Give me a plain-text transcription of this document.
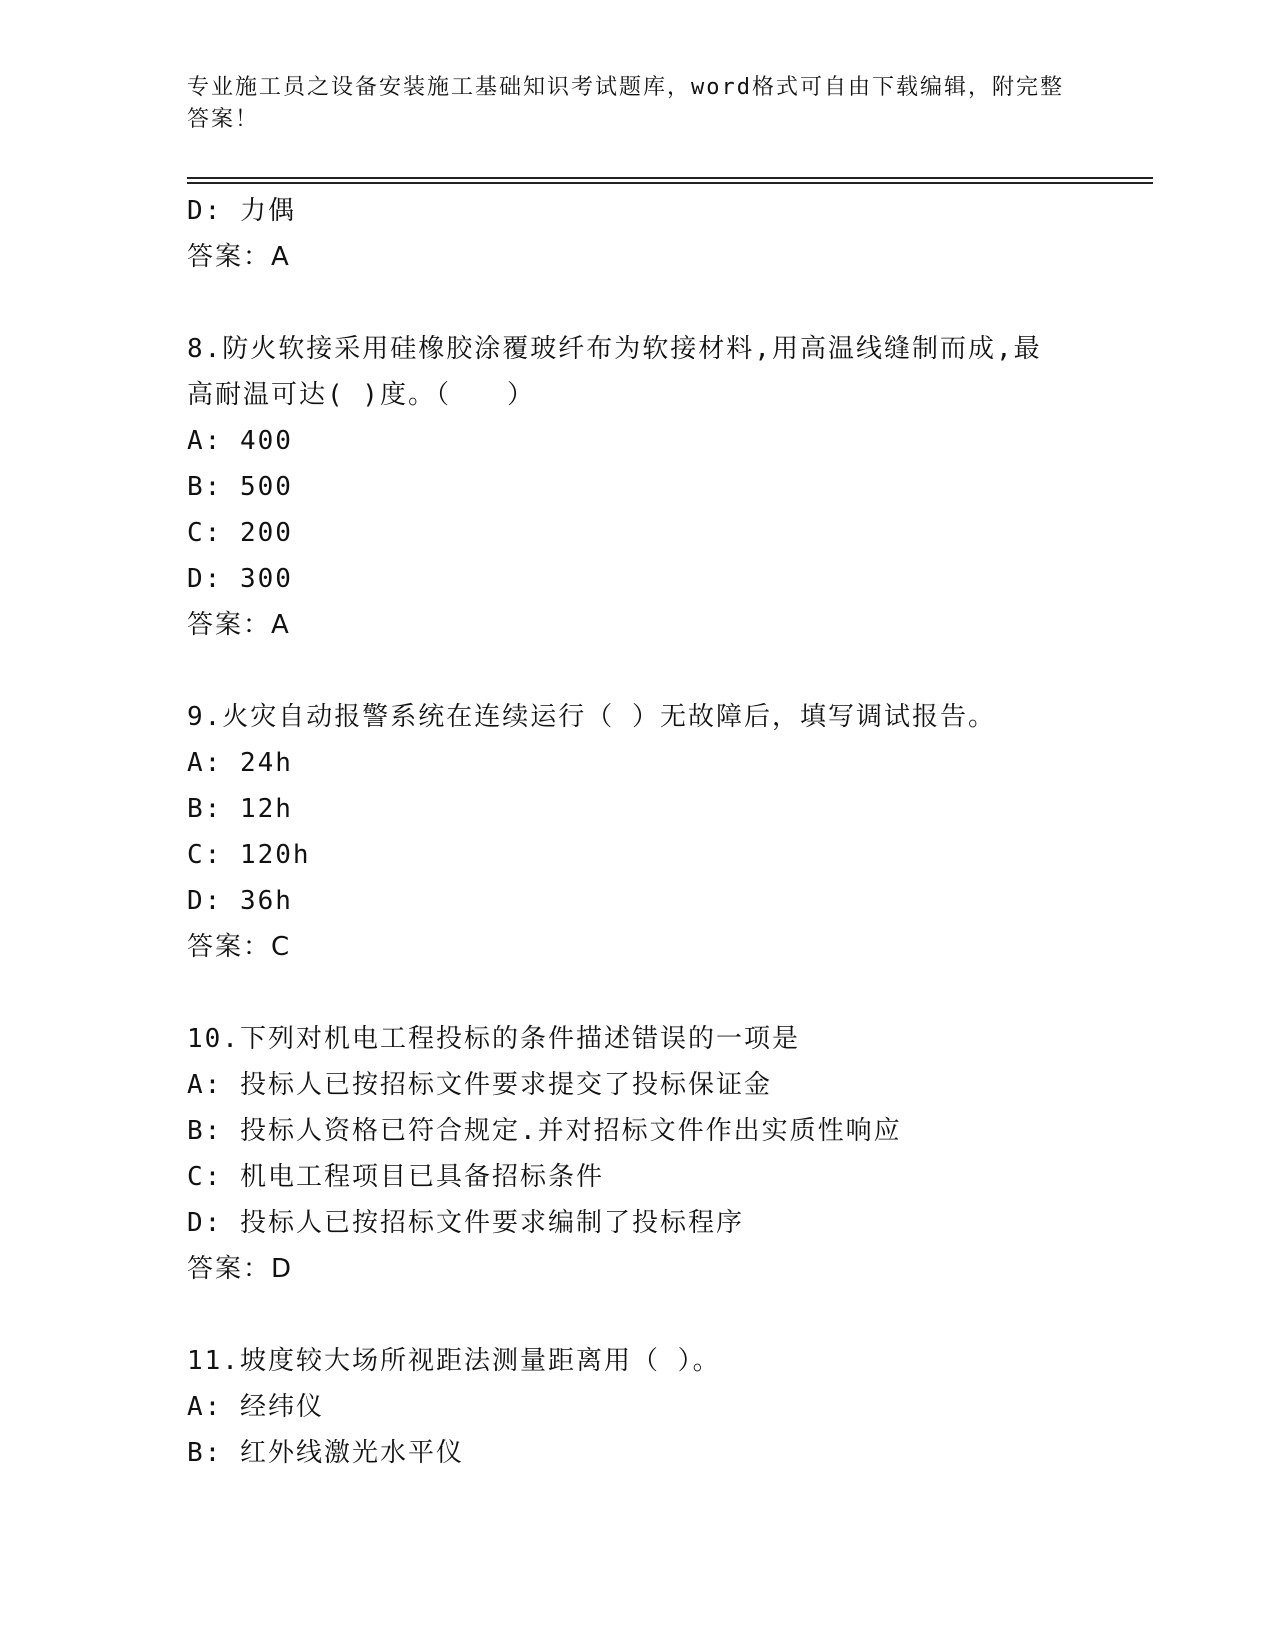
专业施工员之设备安装施工基础知识考试题库，word格式可自由下载编辑，附完整答案！
D: 力偶
答案：A
8.防火软接采用硅橡胶涂覆玻纤布为软接材料,用高温线缝制而成,最高耐温可达( )度。（　　）
A: 400
B: 500
C: 200
D: 300
答案：A
9.火灾自动报警系统在连续运行（ ）无故障后，填写调试报告。
A: 24h
B: 12h
C: 120h
D: 36h
答案：C
10.下列对机电工程投标的条件描述错误的一项是
A: 投标人已按招标文件要求提交了投标保证金
B: 投标人资格已符合规定.并对招标文件作出实质性响应
C: 机电工程项目已具备招标条件
D: 投标人已按招标文件要求编制了投标程序
答案：D
11.坡度较大场所视距法测量距离用（ ）。
A: 经纬仪
B: 红外线激光水平仪
